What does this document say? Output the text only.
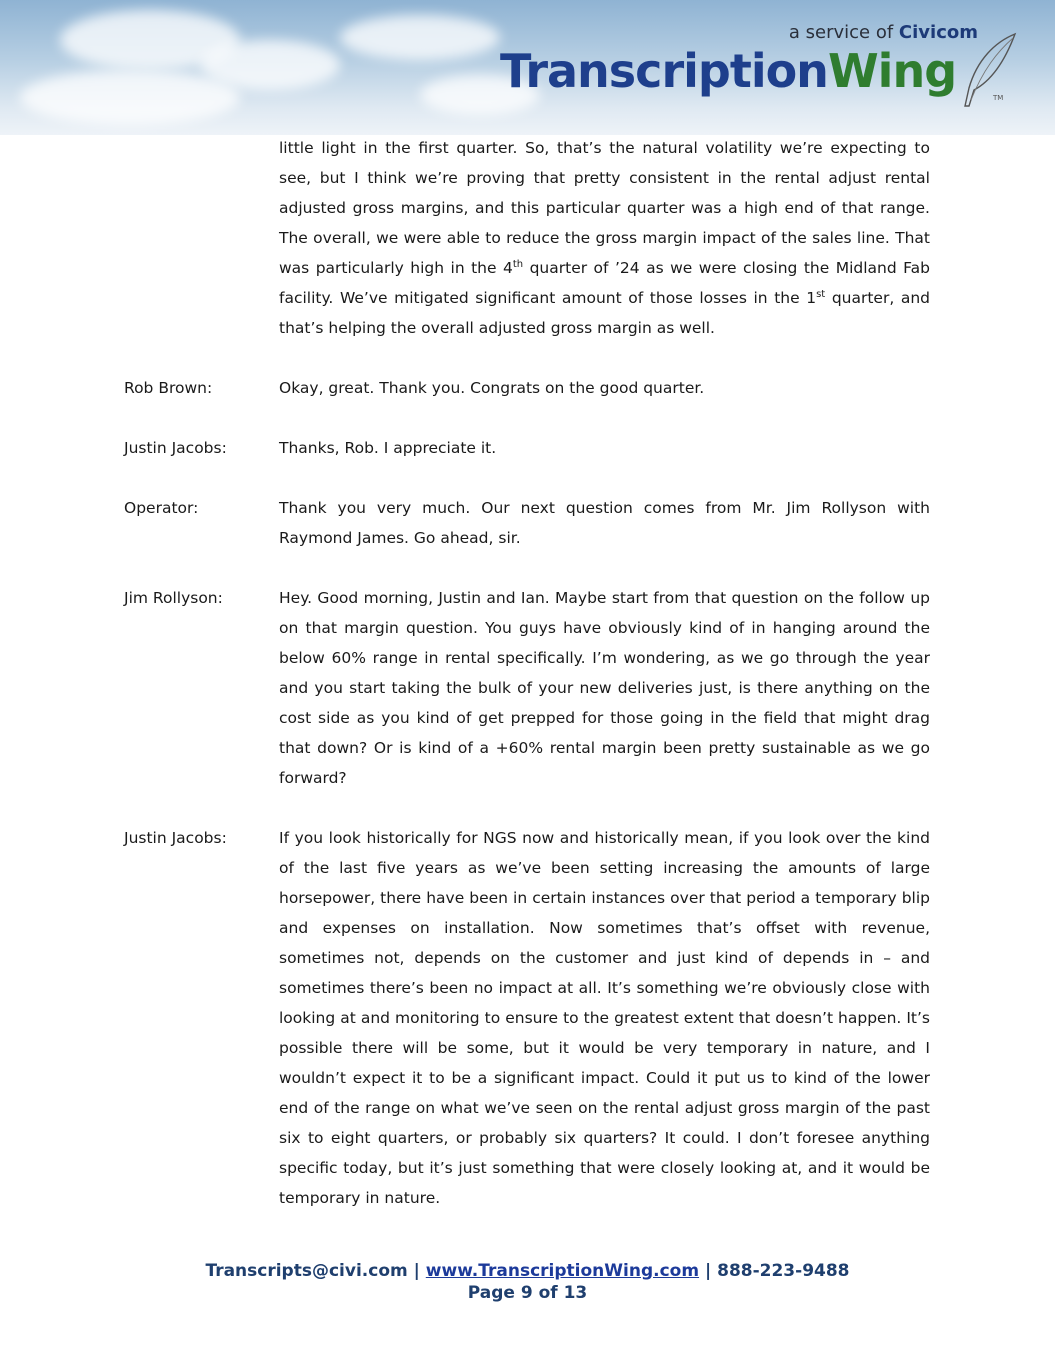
a service of Civicom
TranscriptionWing	TM
little light in the first quarter. So, that’s the natural volatility we’re expecting to see, but I think we’re proving that pretty consistent in the rental adjust rental adjusted gross margins, and this particular quarter was a high end of that range. The overall, we were able to reduce the gross margin impact of the sales line. That was particularly high in the 4th quarter of ’24 as we were closing the Midland Fab facility. We’ve mitigated significant amount of those losses in the 1st quarter, and that’s helping the overall adjusted gross margin as well.
Rob Brown:	Okay, great. Thank you. Congrats on the good quarter.
Justin Jacobs:	Thanks, Rob. I appreciate it.
Operator:	Thank you very much. Our next question comes from Mr. Jim Rollyson with Raymond James. Go ahead, sir.
Jim Rollyson:	Hey. Good morning, Justin and Ian. Maybe start from that question on the follow up on that margin question. You guys have obviously kind of in hanging around the below 60% range in rental specifically. I’m wondering, as we go through the year and you start taking the bulk of your new deliveries just, is there anything on the cost side as you kind of get prepped for those going in the field that might drag that down? Or is kind of a +60% rental margin been pretty sustainable as we go forward?
Justin Jacobs:	If you look historically for NGS now and historically mean, if you look over the kind of the last five years as we’ve been setting increasing the amounts of large horsepower, there have been in certain instances over that period a temporary blip and expenses on installation. Now sometimes that’s offset with revenue, sometimes not, depends on the customer and just kind of depends in – and sometimes there’s been no impact at all. It’s something we’re obviously close with looking at and monitoring to ensure to the greatest extent that doesn’t happen. It’s possible there will be some, but it would be very temporary in nature, and I wouldn’t expect it to be a significant impact. Could it put us to kind of the lower end of the range on what we’ve seen on the rental adjust gross margin of the past six to eight quarters, or probably six quarters? It could. I don’t foresee anything specific today, but it’s just something that were closely looking at, and it would be temporary in nature.
Transcripts@civi.com | www.TranscriptionWing.com | 888-223-9488
Page 9 of 13
